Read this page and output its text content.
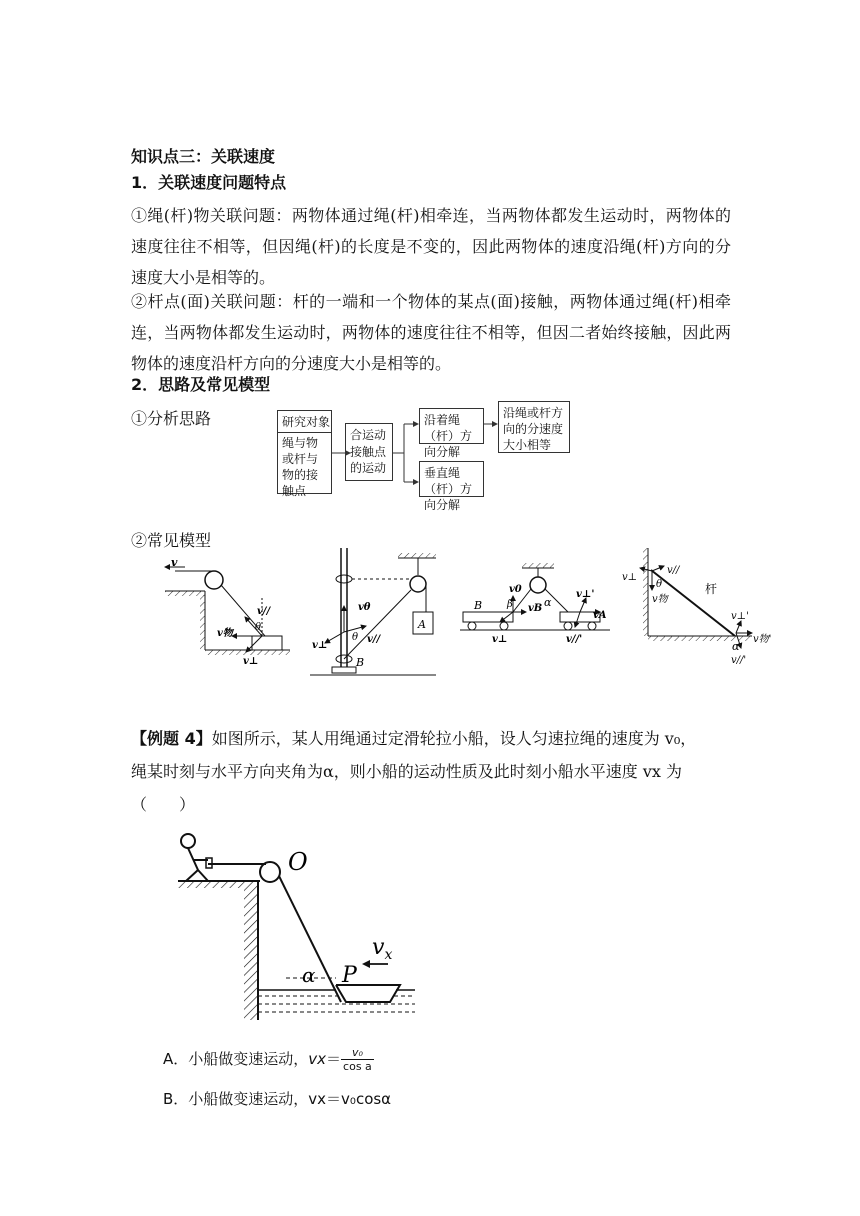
知识点三：关联速度
1．关联速度问题特点
①绳(杆)物关联问题：两物体通过绳(杆)相牵连，当两物体都发生运动时，两物体的速度往往不相等，但因绳(杆)的长度是不变的，因此两物体的速度沿绳(杆)方向的分速度大小是相等的。
②杆点(面)关联问题：杆的一端和一个物体的某点(面)接触，两物体通过绳(杆)相牵连，当两物体都发生运动时，两物体的速度往往不相等，但因二者始终接触，因此两物体的速度沿杆方向的分速度大小是相等的。
2．思路及常见模型
①分析思路	研究对象
绳与物或杆与物的接触点
合运动
接触点的运动
沿着绳（杆）方向分解
垂直绳（杆）方向分解
沿绳或杆方向的分速度大小相等
②常见模型
v
v//
v物
θ
v⊥
vθ
θ v//
v⊥
A
B
B
v0
β vB α
v⊥'
vA
v⊥	v//'
v⊥
v//
θ
v物
杆
v⊥'
v物'
α
v//'
【例题 4】如图所示，某人用绳通过定滑轮拉小船，设人匀速拉绳的速度为 v₀，
绳某时刻与水平方向夹角为α，则小船的运动性质及此时刻小船水平速度 vx 为
（　　）
O
α P
$v_x$
A．小船做变速运动，$vx= \frac{\text{v₀}}{\text{cos a}}$
B．小船做变速运动，vx＝v₀cosα
